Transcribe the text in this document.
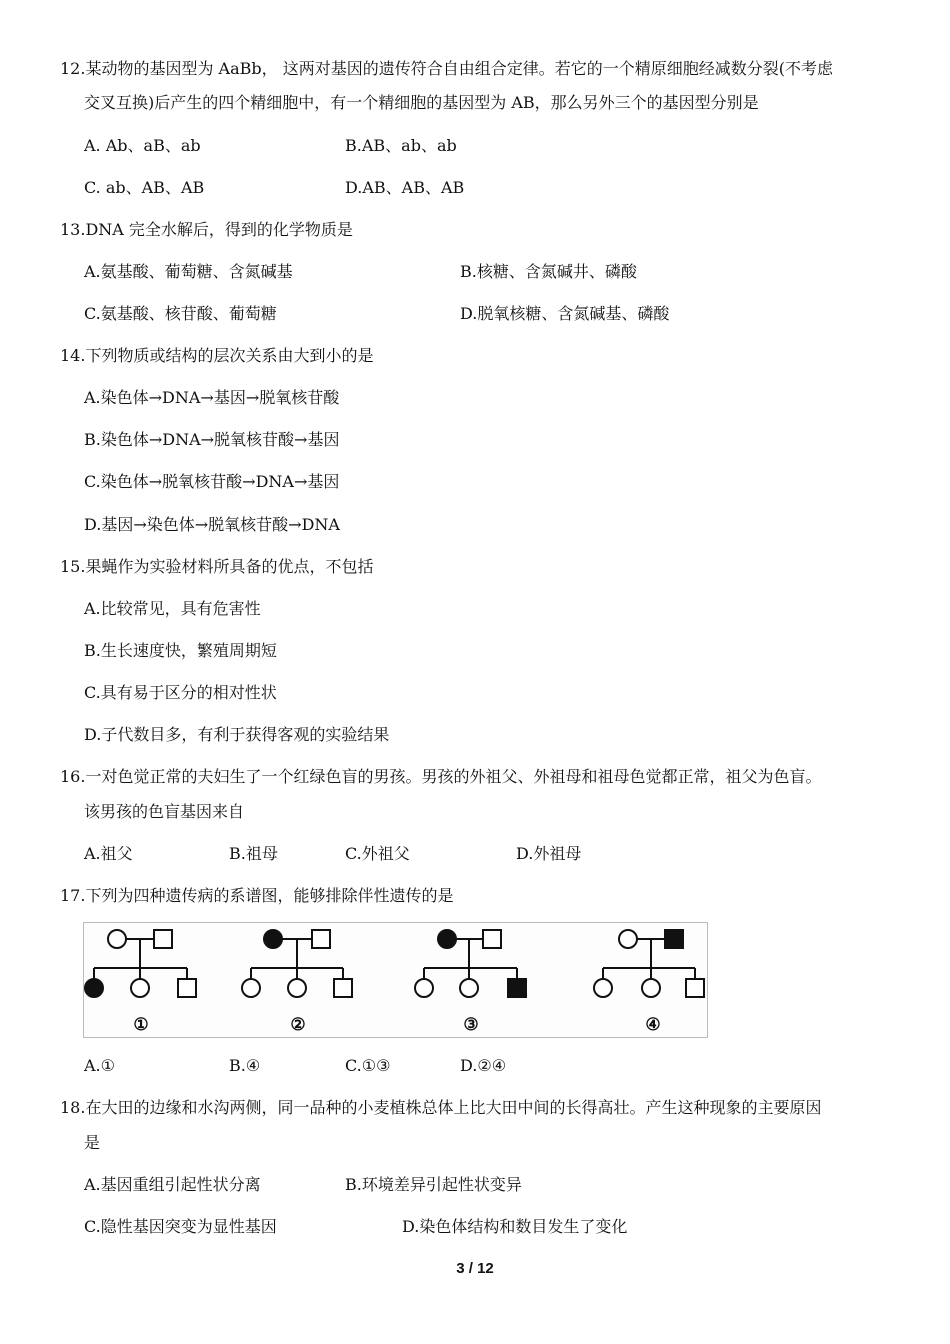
12.某动物的基因型为 AaBb， 这两对基因的遗传符合自由组合定律。若它的一个精原细胞经减数分裂(不考虑
交叉互换)后产生的四个精细胞中，有一个精细胞的基因型为 AB，那么另外三个的基因型分别是
A. Ab、aB、ab	B.AB、ab、ab
C. ab、AB、AB	D.AB、AB、AB
13.DNA 完全水解后，得到的化学物质是
A.氨基酸、葡萄糖、含氮碱基	B.核糖、含氮碱井、磷酸
C.氨基酸、核苷酸、葡萄糖	D.脱氧核糖、含氮碱基、磷酸
14.下列物质或结构的层次关系由大到小的是
A.染色体→DNA→基因→脱氧核苷酸
B.染色体→DNA→脱氧核苷酸→基因
C.染色体→脱氧核苷酸→DNA→基因
D.基因→染色体→脱氧核苷酸→DNA
15.果蝇作为实验材料所具备的优点，不包括
A.比较常见，具有危害性
B.生长速度快，繁殖周期短
C.具有易于区分的相对性状
D.子代数目多，有利于获得客观的实验结果
16.一对色觉正常的夫妇生了一个红绿色盲的男孩。男孩的外祖父、外祖母和祖母色觉都正常，祖父为色盲。
该男孩的色盲基因来自
A.祖父	B.祖母	C.外祖父	D.外祖母
17.下列为四种遗传病的系谱图，能够排除伴性遗传的是
①	②	③	④
A.①	B.④	C.①③	D.②④
18.在大田的边缘和水沟两侧，同一品种的小麦植株总体上比大田中间的长得高壮。产生这种现象的主要原因
是
A.基因重组引起性状分离	B.环境差异引起性状变异
C.隐性基因突变为显性基因	D.染色体结构和数目发生了变化
3 / 12
